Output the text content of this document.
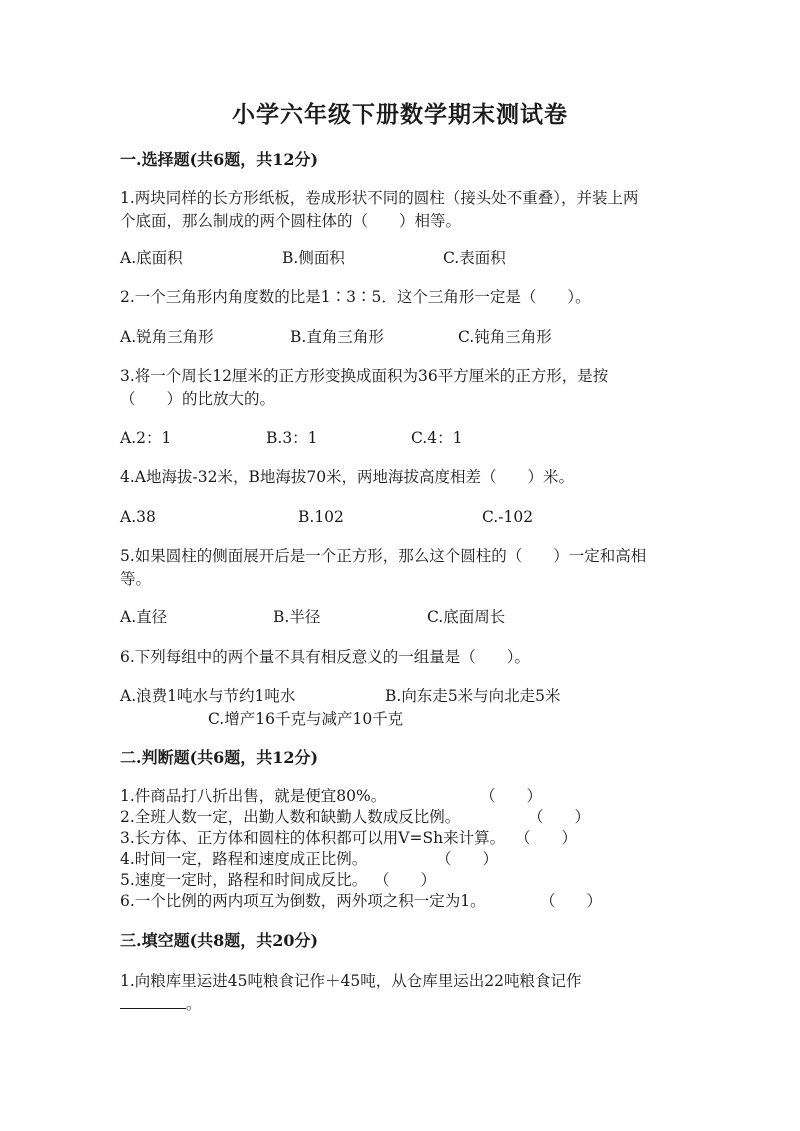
小学六年级下册数学期末测试卷
一.选择题(共6题，共12分)
1.两块同样的长方形纸板，卷成形状不同的圆柱（接头处不重叠），并装上两
个底面，那么制成的两个圆柱体的（　　）相等。
A.底面积	B.侧面积	C.表面积
2.一个三角形内角度数的比是1∶3∶5．这个三角形一定是（　　）。
A.锐角三角形	B.直角三角形	C.钝角三角形
3.将一个周长12厘米的正方形变换成面积为36平方厘米的正方形，是按
（　　）的比放大的。
A.2：1	B.3：1	C.4：1
4.A地海拔-32米，B地海拔70米，两地海拔高度相差（　　）米。
A.38	B.102	C.-102
5.如果圆柱的侧面展开后是一个正方形，那么这个圆柱的（　　）一定和高相
等。
A.直径	B.半径	C.底面周长
6.下列每组中的两个量不具有相反意义的一组量是（　　）。
A.浪费1吨水与节约1吨水	B.向东走5米与向北走5米
C.增产16千克与减产10千克
二.判断题(共6题，共12分)
1.件商品打八折出售，就是便宜80%。	（　　）
2.全班人数一定，出勤人数和缺勤人数成反比例。	（　　）
3.长方体、正方体和圆柱的体积都可以用V=Sh来计算。 （　　）
4.时间一定，路程和速度成正比例。	（　　）
5.速度一定时，路程和时间成反比。 （　　）
6.一个比例的两内项互为倒数，两外项之积一定为1。	（　　）
三.填空题(共8题，共20分)
1.向粮库里运进45吨粮食记作＋45吨，从仓库里运出22吨粮食记作
。
